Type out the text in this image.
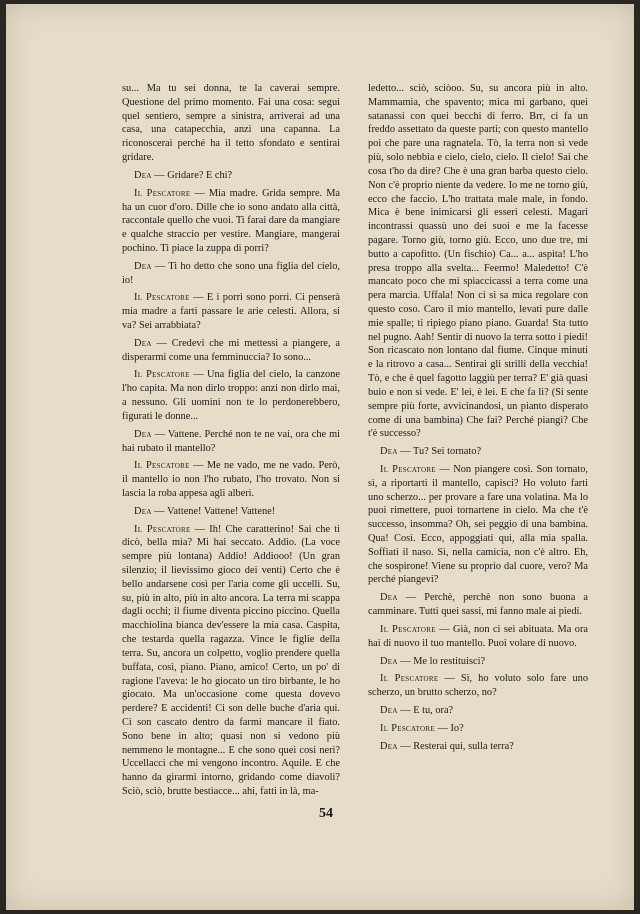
su... Ma tu sei donna, te la caverai sempre. Questione del primo momento. Fai una cosa: segui quel sentiero, sempre a sinistra, arriverai ad una casa, una catapecchia, anzi una capanna. La riconoscerai perché ha il tetto sfondato e sentirai gridare.

Dea — Gridare? E chi?

Il Pescatore — Mia madre. Grida sempre. Ma ha un cuor d'oro. Dille che io sono andato alla città, raccontale quello che vuoi. Ti farai dare da mangiare e qualche straccio per vestire. Mangiare, mangerai pochino. Ti piace la zuppa di porri?

Dea — Ti ho detto che sono una figlia del cielo, io!

Il Pescatore — E i porri sono porri. Ci penserà mia madre a farti passare le arie celesti. Allora, si va? Sei arrabbiata?

Dea — Credevi che mi mettessi a piangere, a disperarmi come una femminuccia? Io sono...

Il Pescatore — Una figlia del cielo, la canzone l'ho capita. Ma non dirlo troppo: anzi non dirlo mai, a nessuno. Gli uomini non te lo perdonerebbero, figurati le donne...

Dea — Vattene. Perché non te ne vai, ora che mi hai rubato il mantello?

Il Pescatore — Me ne vado, me ne vado. Però, il mantello io non l'ho rubato, l'ho trovato. Non si lascia la roba appesa agli alberi.

Dea — Vattene! Vattene! Vattene!

Il Pescatore — Ih! Che caratterino! Sai che ti dicò, bella mia? Mi hai seccato. Addio. (La voce sempre più lontana) Addio! Addiooo! (Un gran silenzio; il lievissimo gioco dei venti) Certo che è bello andarsene così per l'aria come gli uccelli. Su, su, più in alto, più in alto ancora. La terra mi scappa dagli occhi; il fiume diventa piccino piccino. Quella macchiolina bianca dev'essere la mia casa. Caspita, che testarda quella ragazza. Vince le figlie della terra. Su, ancora un colpetto, voglio prendere quella buffata, così, piano. Piano, amico! Certo, un po' di ragione l'aveva: le ho giocato un tiro birbante, le ho giocato. Ma un'occasione come questa dovevo perdere? E accidenti! Ci son delle buche d'aria qui. Ci son cascato dentro da farmi mancare il fiato. Sono bene in alto; quasi non si vedono più nemmeno le montagne... E che sono quei cosi neri? Uccellacci che mi vengono incontro. Aquile. E che hanno da girarmi intorno, gridando come diavoli? Sciò, sciò, brutte bestiacce... ahi, fatti in là, ma-

ledetto... sciò, sciòoo. Su, su ancora più in alto. Mammamia, che spavento; mica mi garbano, quei satanassi con quei becchi di ferro. Brr, ci fa un freddo assettato da queste parti; con questo mantello poi che pare una ragnatela. Tò, la terra non si vede più, solo nebbia e cielo, cielo, cielo. Il cielo! Sai che cosa t'ho da dire? Che è una gran barba questo cielo. Non c'è proprio niente da vedere. Io me ne torno giù, ecco che faccio. L'ho trattata male male, in fondo. Mica è bene inimicarsi gli esseri celesti. Magari incontrassi quassù uno dei suoi e me la facesse pagare. Torno giù, torno giù. Ecco, uno due tre, mi butto a capofitto. (Un fischio) Ca... a... aspita! L'ho presa troppo alla svelta... Feermo! Maledetto! C'è mancato poco che mi spiaccicassi a terra come una pera marcia. Uffala! Non ci si sa mica regolare con questo coso. Caro il mio mantello, levati pure dalle mie spalle; ti ripiego piano piano. Guarda! Sta tutto nel pugno. Aah! Sentir di nuovo la terra sotto i piedi! Son ricascato non lontano dal fiume. Cinque minuti e la ritrovo a casa... Sentirai gli strilli della vecchia! Tò, e che è quel fagotto laggiù per terra? E' già quasi buio e non si vede. E' lei, è lei. E che fa lì? (Si sente sempre più forte, avvicinandosi, un pianto disperato come di una bambina) Che fai? Perché piangi? Che t'è successo?

Dea — Tu? Sei tornato?

Il Pescatore — Non piangere così. Son tornato, sì, a riportarti il mantello, capisci? Ho voluto farti uno scherzo... per provare a fare una volatina. Ma lo puoi rimettere, puoi tornartene in cielo. Ma che t'è successo, insomma? Oh, sei peggio di una bambina. Qua! Così. Ecco, appoggiati qui, alla mia spalla. Soffiati il naso. Sì, nella camicia, non c'è altro. Eh, che sospirone! Viene su proprio dal cuore, vero? Ma perché piangevi?

Dea — Perchè, perchè non sono buona a camminare. Tutti quei sassi, mi fanno male ai piedi.

Il Pescatore — Già, non ci sei abituata. Ma ora hai di nuovo il tuo mantello. Puoi volare di nuovo.

Dea — Me lo restituisci?

Il Pescatore — Sì, ho voluto solo fare uno scherzo, un brutto scherzo, no?

Dea — E tu, ora?

Il Pescatore — Io?

Dea — Resterai qui, sulla terra?

54
